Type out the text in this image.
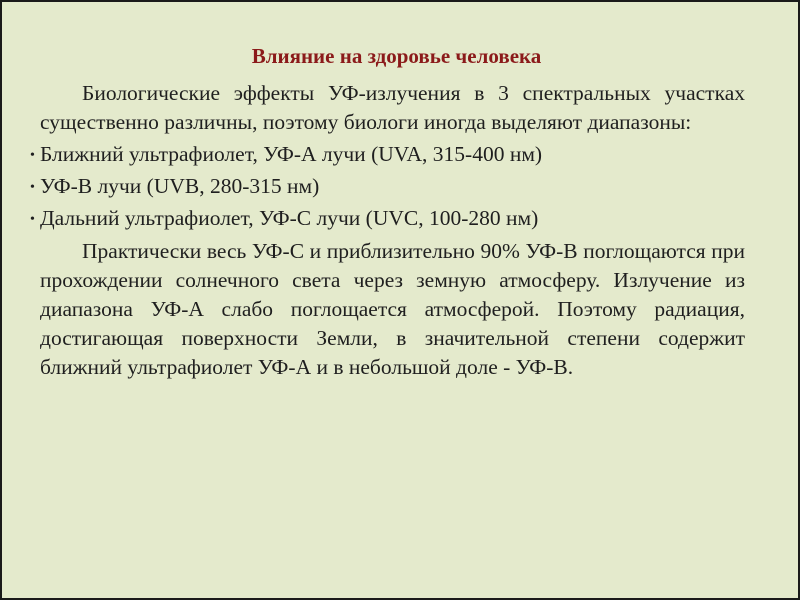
Влияние на здоровье человека

Биологические эффекты УФ-излучения в 3 спектральных участках существенно различны, поэтому биологи иногда выделяют диапазоны:

• Ближний ультрафиолет, УФ-А лучи (UVA, 315-400 нм)
• УФ-B лучи (UVB, 280-315 нм)
• Дальний ультрафиолет, УФ-C лучи (UVC, 100-280 нм)

Практически весь УФ-С и приблизительно 90% УФ-В поглощаются при прохождении солнечного света через земную атмосферу. Излучение из диапазона УФ-А слабо поглощается атмосферой. Поэтому радиация, достигающая поверхности Земли, в значительной степени содержит ближний ультрафиолет УФ-А и в небольшой доле - УФ-В.
